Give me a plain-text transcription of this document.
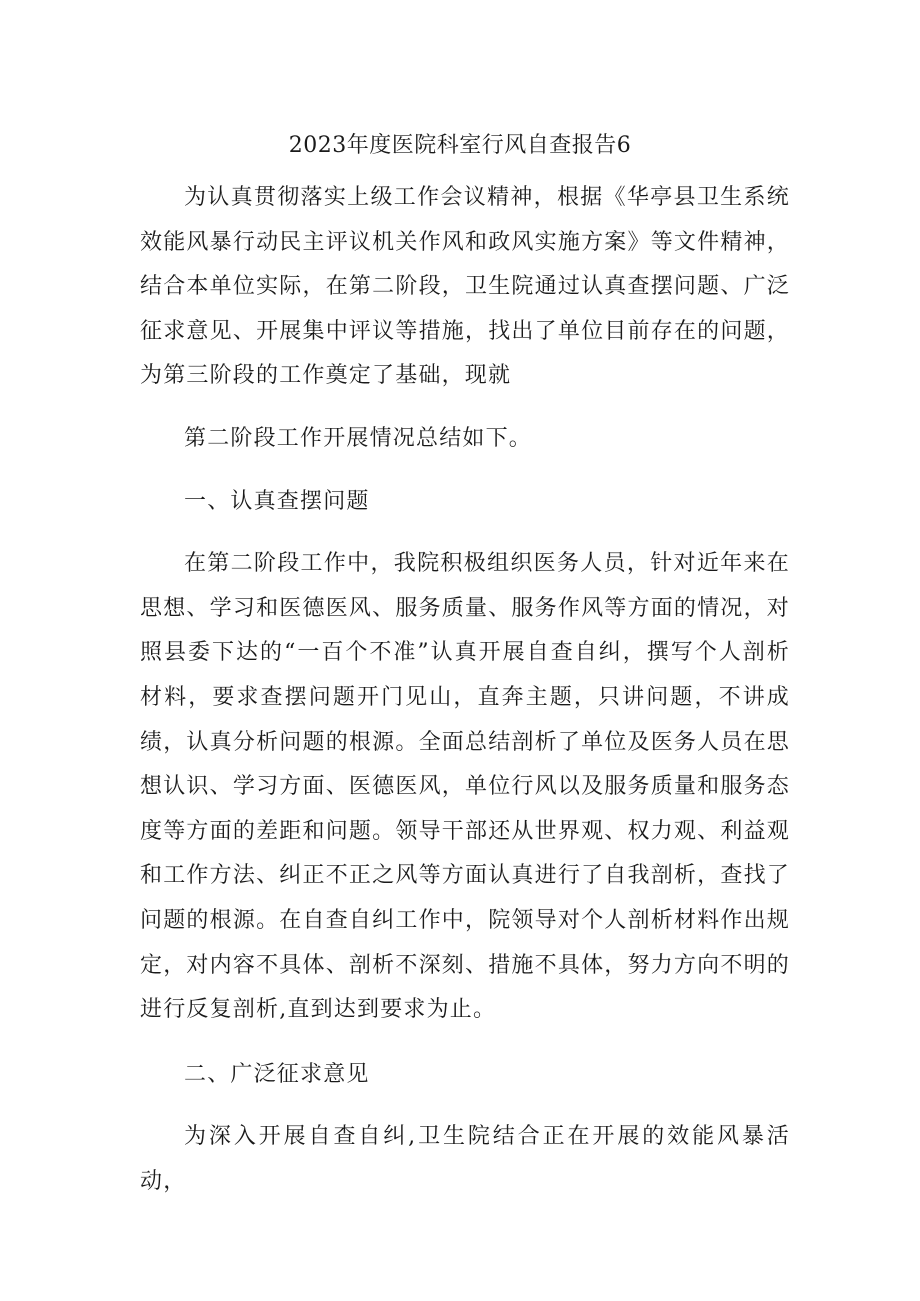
2023年度医院科室行风自查报告6

为认真贯彻落实上级工作会议精神，根据《华亭县卫生系统效能风暴行动民主评议机关作风和政风实施方案》等文件精神，结合本单位实际，在第二阶段，卫生院通过认真查摆问题、广泛征求意见、开展集中评议等措施，找出了单位目前存在的问题，为第三阶段的工作奠定了基础，现就

第二阶段工作开展情况总结如下。

一、认真查摆问题

在第二阶段工作中，我院积极组织医务人员，针对近年来在思想、学习和医德医风、服务质量、服务作风等方面的情况，对照县委下达的“一百个不准”认真开展自查自纠，撰写个人剖析材料，要求查摆问题开门见山，直奔主题，只讲问题，不讲成绩，认真分析问题的根源。全面总结剖析了单位及医务人员在思想认识、学习方面、医德医风，单位行风以及服务质量和服务态度等方面的差距和问题。领导干部还从世界观、权力观、利益观和工作方法、纠正不正之风等方面认真进行了自我剖析，查找了问题的根源。在自查自纠工作中，院领导对个人剖析材料作出规定，对内容不具体、剖析不深刻、措施不具体，努力方向不明的进行反复剖析,直到达到要求为止。

二、广泛征求意见

为深入开展自查自纠,卫生院结合正在开展的效能风暴活动，
